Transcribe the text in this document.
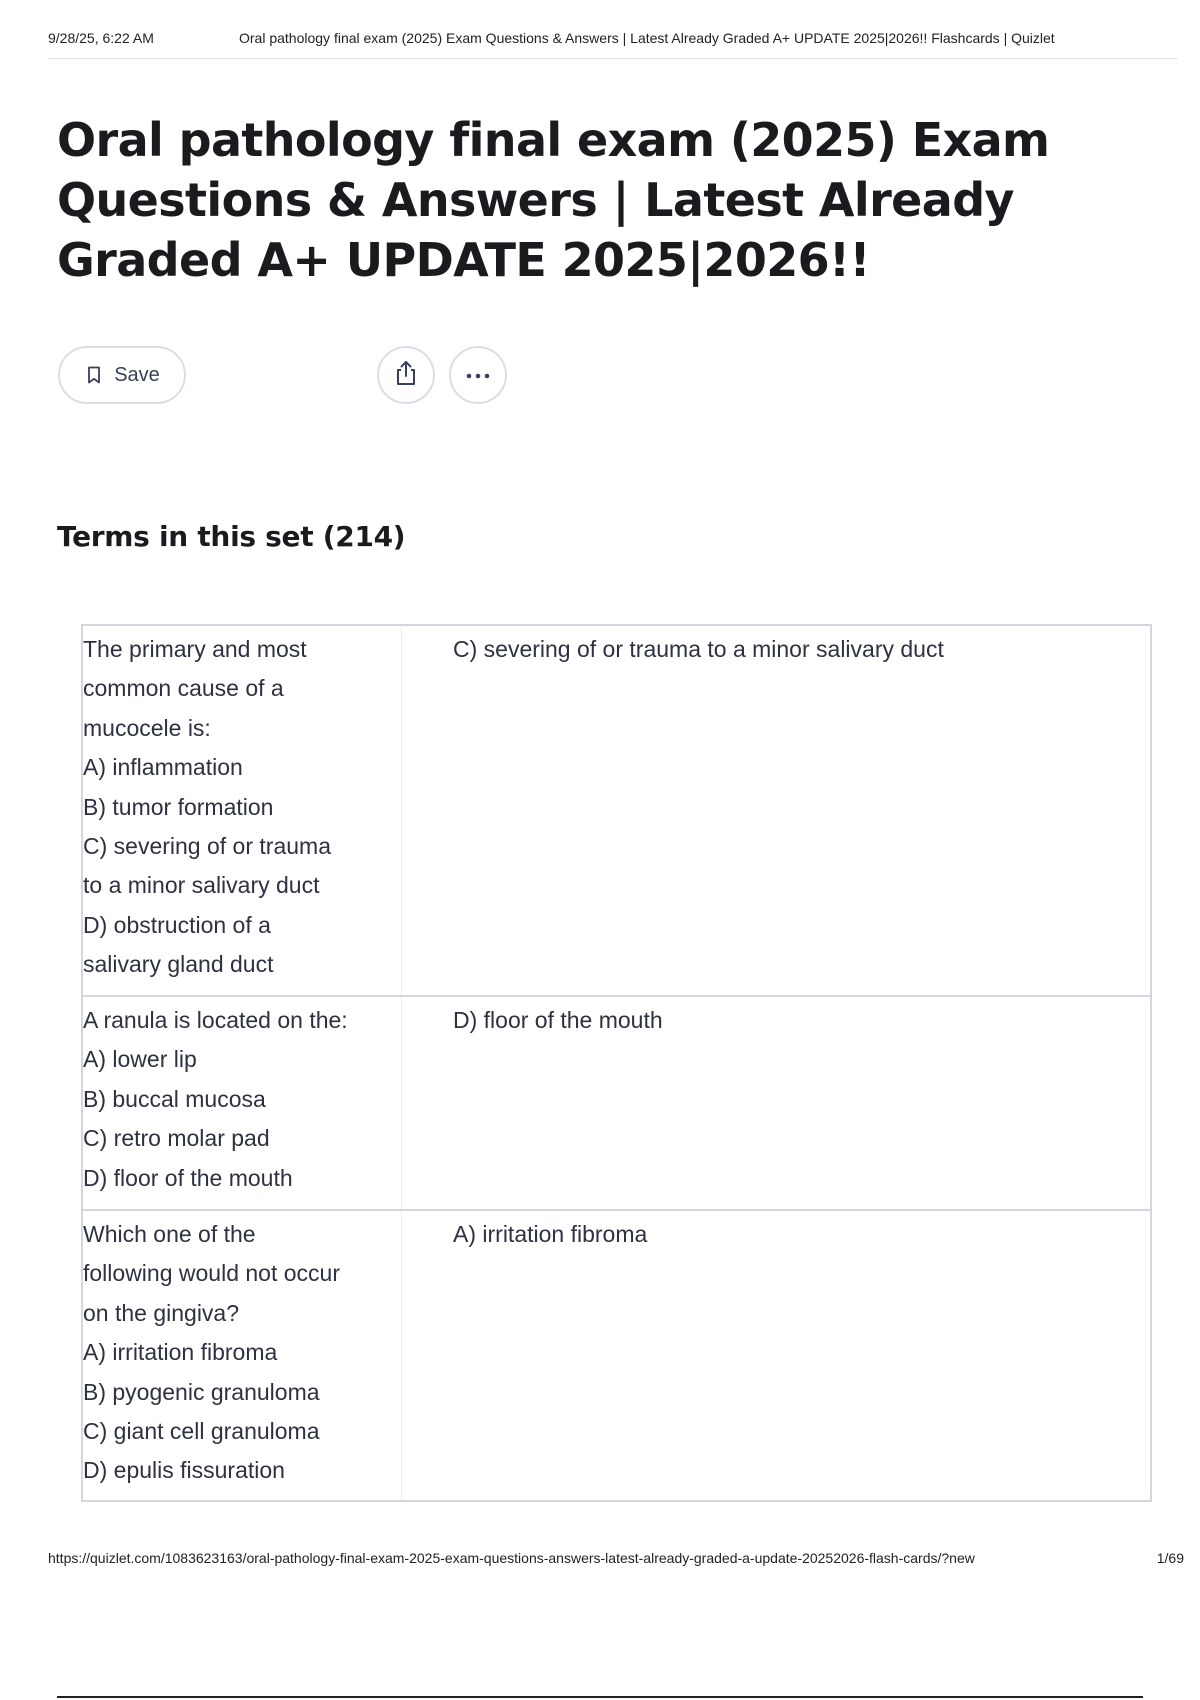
9/28/25, 6:22 AM	Oral pathology final exam (2025) Exam Questions & Answers | Latest Already Graded A+ UPDATE 2025|2026!! Flashcards | Quizlet
Oral pathology final exam (2025) Exam Questions & Answers | Latest Already Graded A+ UPDATE 2025|2026!!
Save
Terms in this set (214)
The primary and most
common cause of a
mucocele is:
A) inflammation
B) tumor formation
C) severing of or trauma
to a minor salivary duct
D) obstruction of a
salivary gland duct
C) severing of or trauma to a minor salivary duct
A ranula is located on the:
A) lower lip
B) buccal mucosa
C) retro molar pad
D) floor of the mouth
D) floor of the mouth
Which one of the
following would not occur
on the gingiva?
A) irritation fibroma
B) pyogenic granuloma
C) giant cell granuloma
D) epulis fissuration
A) irritation fibroma
https://quizlet.com/1083623163/oral-pathology-final-exam-2025-exam-questions-answers-latest-already-graded-a-update-20252026-flash-cards/?new	1/69
